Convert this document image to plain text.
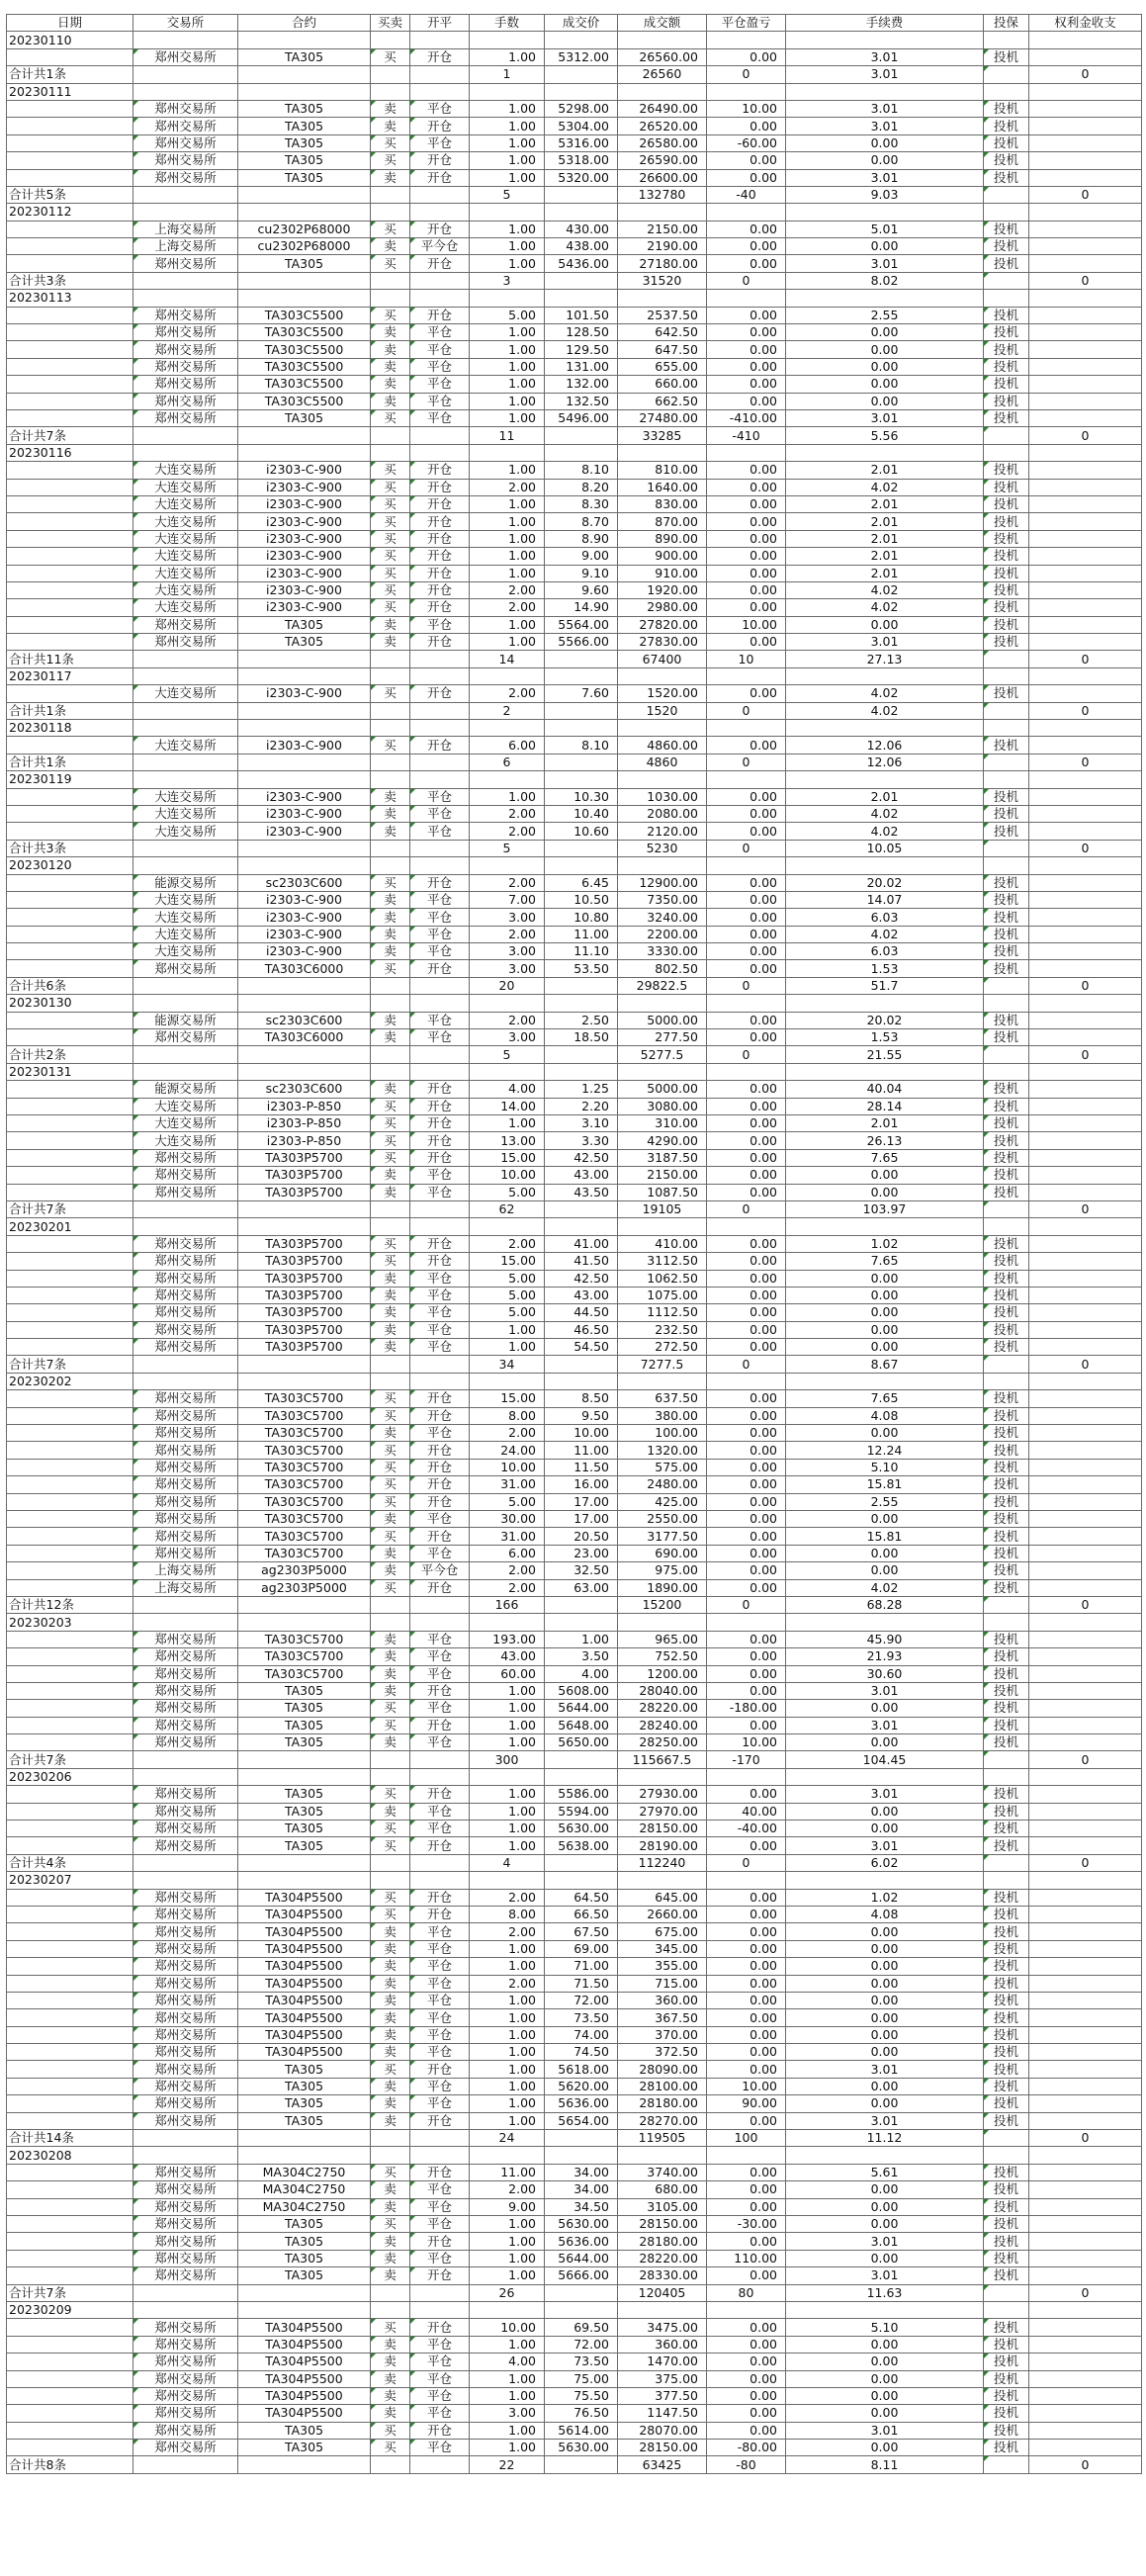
日期	交易所	合约	买卖	开平	手数	成交价	成交额	平仓盈亏	手续费	投保	权利金收支
20230110											
	郑州交易所	TA305	买	开仓	1.00	5312.00	26560.00	0.00	3.01	投机	
合计共1条					1		26560	0	3.01		0
20230111											
	郑州交易所	TA305	卖	平仓	1.00	5298.00	26490.00	10.00	3.01	投机	
	郑州交易所	TA305	卖	开仓	1.00	5304.00	26520.00	0.00	3.01	投机	
	郑州交易所	TA305	买	平仓	1.00	5316.00	26580.00	-60.00	0.00	投机	
	郑州交易所	TA305	买	开仓	1.00	5318.00	26590.00	0.00	0.00	投机	
	郑州交易所	TA305	卖	开仓	1.00	5320.00	26600.00	0.00	3.01	投机	
合计共5条					5		132780	-40	9.03		0
20230112											
	上海交易所	cu2302P68000	买	开仓	1.00	430.00	2150.00	0.00	5.01	投机	
	上海交易所	cu2302P68000	卖	平今仓	1.00	438.00	2190.00	0.00	0.00	投机	
	郑州交易所	TA305	买	开仓	1.00	5436.00	27180.00	0.00	3.01	投机	
合计共3条					3		31520	0	8.02		0
20230113											
	郑州交易所	TA303C5500	买	开仓	5.00	101.50	2537.50	0.00	2.55	投机	
	郑州交易所	TA303C5500	卖	平仓	1.00	128.50	642.50	0.00	0.00	投机	
	郑州交易所	TA303C5500	卖	平仓	1.00	129.50	647.50	0.00	0.00	投机	
	郑州交易所	TA303C5500	卖	平仓	1.00	131.00	655.00	0.00	0.00	投机	
	郑州交易所	TA303C5500	卖	平仓	1.00	132.00	660.00	0.00	0.00	投机	
	郑州交易所	TA303C5500	卖	平仓	1.00	132.50	662.50	0.00	0.00	投机	
	郑州交易所	TA305	买	平仓	1.00	5496.00	27480.00	-410.00	3.01	投机	
合计共7条					11		33285	-410	5.56		0
20230116											
	大连交易所	i2303-C-900	买	开仓	1.00	8.10	810.00	0.00	2.01	投机	
	大连交易所	i2303-C-900	买	开仓	2.00	8.20	1640.00	0.00	4.02	投机	
	大连交易所	i2303-C-900	买	开仓	1.00	8.30	830.00	0.00	2.01	投机	
	大连交易所	i2303-C-900	买	开仓	1.00	8.70	870.00	0.00	2.01	投机	
	大连交易所	i2303-C-900	买	开仓	1.00	8.90	890.00	0.00	2.01	投机	
	大连交易所	i2303-C-900	买	开仓	1.00	9.00	900.00	0.00	2.01	投机	
	大连交易所	i2303-C-900	买	开仓	1.00	9.10	910.00	0.00	2.01	投机	
	大连交易所	i2303-C-900	买	开仓	2.00	9.60	1920.00	0.00	4.02	投机	
	大连交易所	i2303-C-900	买	开仓	2.00	14.90	2980.00	0.00	4.02	投机	
	郑州交易所	TA305	卖	平仓	1.00	5564.00	27820.00	10.00	0.00	投机	
	郑州交易所	TA305	卖	开仓	1.00	5566.00	27830.00	0.00	3.01	投机	
合计共11条					14		67400	10	27.13		0
20230117											
	大连交易所	i2303-C-900	买	开仓	2.00	7.60	1520.00	0.00	4.02	投机	
合计共1条					2		1520	0	4.02		0
20230118											
	大连交易所	i2303-C-900	买	开仓	6.00	8.10	4860.00	0.00	12.06	投机	
合计共1条					6		4860	0	12.06		0
20230119											
	大连交易所	i2303-C-900	卖	平仓	1.00	10.30	1030.00	0.00	2.01	投机	
	大连交易所	i2303-C-900	卖	平仓	2.00	10.40	2080.00	0.00	4.02	投机	
	大连交易所	i2303-C-900	卖	平仓	2.00	10.60	2120.00	0.00	4.02	投机	
合计共3条					5		5230	0	10.05		0
20230120											
	能源交易所	sc2303C600	买	开仓	2.00	6.45	12900.00	0.00	20.02	投机	
	大连交易所	i2303-C-900	卖	平仓	7.00	10.50	7350.00	0.00	14.07	投机	
	大连交易所	i2303-C-900	卖	平仓	3.00	10.80	3240.00	0.00	6.03	投机	
	大连交易所	i2303-C-900	卖	平仓	2.00	11.00	2200.00	0.00	4.02	投机	
	大连交易所	i2303-C-900	卖	平仓	3.00	11.10	3330.00	0.00	6.03	投机	
	郑州交易所	TA303C6000	买	开仓	3.00	53.50	802.50	0.00	1.53	投机	
合计共6条					20		29822.5	0	51.7		0
20230130											
	能源交易所	sc2303C600	卖	平仓	2.00	2.50	5000.00	0.00	20.02	投机	
	郑州交易所	TA303C6000	卖	平仓	3.00	18.50	277.50	0.00	1.53	投机	
合计共2条					5		5277.5	0	21.55		0
20230131											
	能源交易所	sc2303C600	卖	开仓	4.00	1.25	5000.00	0.00	40.04	投机	
	大连交易所	i2303-P-850	买	开仓	14.00	2.20	3080.00	0.00	28.14	投机	
	大连交易所	i2303-P-850	买	开仓	1.00	3.10	310.00	0.00	2.01	投机	
	大连交易所	i2303-P-850	买	开仓	13.00	3.30	4290.00	0.00	26.13	投机	
	郑州交易所	TA303P5700	买	开仓	15.00	42.50	3187.50	0.00	7.65	投机	
	郑州交易所	TA303P5700	卖	平仓	10.00	43.00	2150.00	0.00	0.00	投机	
	郑州交易所	TA303P5700	卖	平仓	5.00	43.50	1087.50	0.00	0.00	投机	
合计共7条					62		19105	0	103.97		0
20230201											
	郑州交易所	TA303P5700	买	开仓	2.00	41.00	410.00	0.00	1.02	投机	
	郑州交易所	TA303P5700	买	开仓	15.00	41.50	3112.50	0.00	7.65	投机	
	郑州交易所	TA303P5700	卖	平仓	5.00	42.50	1062.50	0.00	0.00	投机	
	郑州交易所	TA303P5700	卖	平仓	5.00	43.00	1075.00	0.00	0.00	投机	
	郑州交易所	TA303P5700	卖	平仓	5.00	44.50	1112.50	0.00	0.00	投机	
	郑州交易所	TA303P5700	卖	平仓	1.00	46.50	232.50	0.00	0.00	投机	
	郑州交易所	TA303P5700	卖	平仓	1.00	54.50	272.50	0.00	0.00	投机	
合计共7条					34		7277.5	0	8.67		0
20230202											
	郑州交易所	TA303C5700	买	开仓	15.00	8.50	637.50	0.00	7.65	投机	
	郑州交易所	TA303C5700	买	开仓	8.00	9.50	380.00	0.00	4.08	投机	
	郑州交易所	TA303C5700	卖	平仓	2.00	10.00	100.00	0.00	0.00	投机	
	郑州交易所	TA303C5700	买	开仓	24.00	11.00	1320.00	0.00	12.24	投机	
	郑州交易所	TA303C5700	买	开仓	10.00	11.50	575.00	0.00	5.10	投机	
	郑州交易所	TA303C5700	买	开仓	31.00	16.00	2480.00	0.00	15.81	投机	
	郑州交易所	TA303C5700	买	开仓	5.00	17.00	425.00	0.00	2.55	投机	
	郑州交易所	TA303C5700	卖	平仓	30.00	17.00	2550.00	0.00	0.00	投机	
	郑州交易所	TA303C5700	买	开仓	31.00	20.50	3177.50	0.00	15.81	投机	
	郑州交易所	TA303C5700	卖	平仓	6.00	23.00	690.00	0.00	0.00	投机	
	上海交易所	ag2303P5000	卖	平今仓	2.00	32.50	975.00	0.00	0.00	投机	
	上海交易所	ag2303P5000	买	开仓	2.00	63.00	1890.00	0.00	4.02	投机	
合计共12条					166		15200	0	68.28		0
20230203											
	郑州交易所	TA303C5700	卖	平仓	193.00	1.00	965.00	0.00	45.90	投机	
	郑州交易所	TA303C5700	卖	平仓	43.00	3.50	752.50	0.00	21.93	投机	
	郑州交易所	TA303C5700	卖	平仓	60.00	4.00	1200.00	0.00	30.60	投机	
	郑州交易所	TA305	卖	开仓	1.00	5608.00	28040.00	0.00	3.01	投机	
	郑州交易所	TA305	买	平仓	1.00	5644.00	28220.00	-180.00	0.00	投机	
	郑州交易所	TA305	买	开仓	1.00	5648.00	28240.00	0.00	3.01	投机	
	郑州交易所	TA305	卖	平仓	1.00	5650.00	28250.00	10.00	0.00	投机	
合计共7条					300		115667.5	-170	104.45		0
20230206											
	郑州交易所	TA305	买	开仓	1.00	5586.00	27930.00	0.00	3.01	投机	
	郑州交易所	TA305	卖	平仓	1.00	5594.00	27970.00	40.00	0.00	投机	
	郑州交易所	TA305	买	平仓	1.00	5630.00	28150.00	-40.00	0.00	投机	
	郑州交易所	TA305	买	开仓	1.00	5638.00	28190.00	0.00	3.01	投机	
合计共4条					4		112240	0	6.02		0
20230207											
	郑州交易所	TA304P5500	买	开仓	2.00	64.50	645.00	0.00	1.02	投机	
	郑州交易所	TA304P5500	买	开仓	8.00	66.50	2660.00	0.00	4.08	投机	
	郑州交易所	TA304P5500	卖	平仓	2.00	67.50	675.00	0.00	0.00	投机	
	郑州交易所	TA304P5500	卖	平仓	1.00	69.00	345.00	0.00	0.00	投机	
	郑州交易所	TA304P5500	卖	平仓	1.00	71.00	355.00	0.00	0.00	投机	
	郑州交易所	TA304P5500	卖	平仓	2.00	71.50	715.00	0.00	0.00	投机	
	郑州交易所	TA304P5500	卖	平仓	1.00	72.00	360.00	0.00	0.00	投机	
	郑州交易所	TA304P5500	卖	平仓	1.00	73.50	367.50	0.00	0.00	投机	
	郑州交易所	TA304P5500	卖	平仓	1.00	74.00	370.00	0.00	0.00	投机	
	郑州交易所	TA304P5500	卖	平仓	1.00	74.50	372.50	0.00	0.00	投机	
	郑州交易所	TA305	买	开仓	1.00	5618.00	28090.00	0.00	3.01	投机	
	郑州交易所	TA305	卖	平仓	1.00	5620.00	28100.00	10.00	0.00	投机	
	郑州交易所	TA305	卖	平仓	1.00	5636.00	28180.00	90.00	0.00	投机	
	郑州交易所	TA305	卖	开仓	1.00	5654.00	28270.00	0.00	3.01	投机	
合计共14条					24		119505	100	11.12		0
20230208											
	郑州交易所	MA304C2750	买	开仓	11.00	34.00	3740.00	0.00	5.61	投机	
	郑州交易所	MA304C2750	卖	平仓	2.00	34.00	680.00	0.00	0.00	投机	
	郑州交易所	MA304C2750	卖	平仓	9.00	34.50	3105.00	0.00	0.00	投机	
	郑州交易所	TA305	买	平仓	1.00	5630.00	28150.00	-30.00	0.00	投机	
	郑州交易所	TA305	卖	开仓	1.00	5636.00	28180.00	0.00	3.01	投机	
	郑州交易所	TA305	卖	平仓	1.00	5644.00	28220.00	110.00	0.00	投机	
	郑州交易所	TA305	卖	开仓	1.00	5666.00	28330.00	0.00	3.01	投机	
合计共7条					26		120405	80	11.63		0
20230209											
	郑州交易所	TA304P5500	买	开仓	10.00	69.50	3475.00	0.00	5.10	投机	
	郑州交易所	TA304P5500	卖	平仓	1.00	72.00	360.00	0.00	0.00	投机	
	郑州交易所	TA304P5500	卖	平仓	4.00	73.50	1470.00	0.00	0.00	投机	
	郑州交易所	TA304P5500	卖	平仓	1.00	75.00	375.00	0.00	0.00	投机	
	郑州交易所	TA304P5500	卖	平仓	1.00	75.50	377.50	0.00	0.00	投机	
	郑州交易所	TA304P5500	卖	平仓	3.00	76.50	1147.50	0.00	0.00	投机	
	郑州交易所	TA305	买	开仓	1.00	5614.00	28070.00	0.00	3.01	投机	
	郑州交易所	TA305	买	平仓	1.00	5630.00	28150.00	-80.00	0.00	投机	
合计共8条					22		63425	-80	8.11		0
